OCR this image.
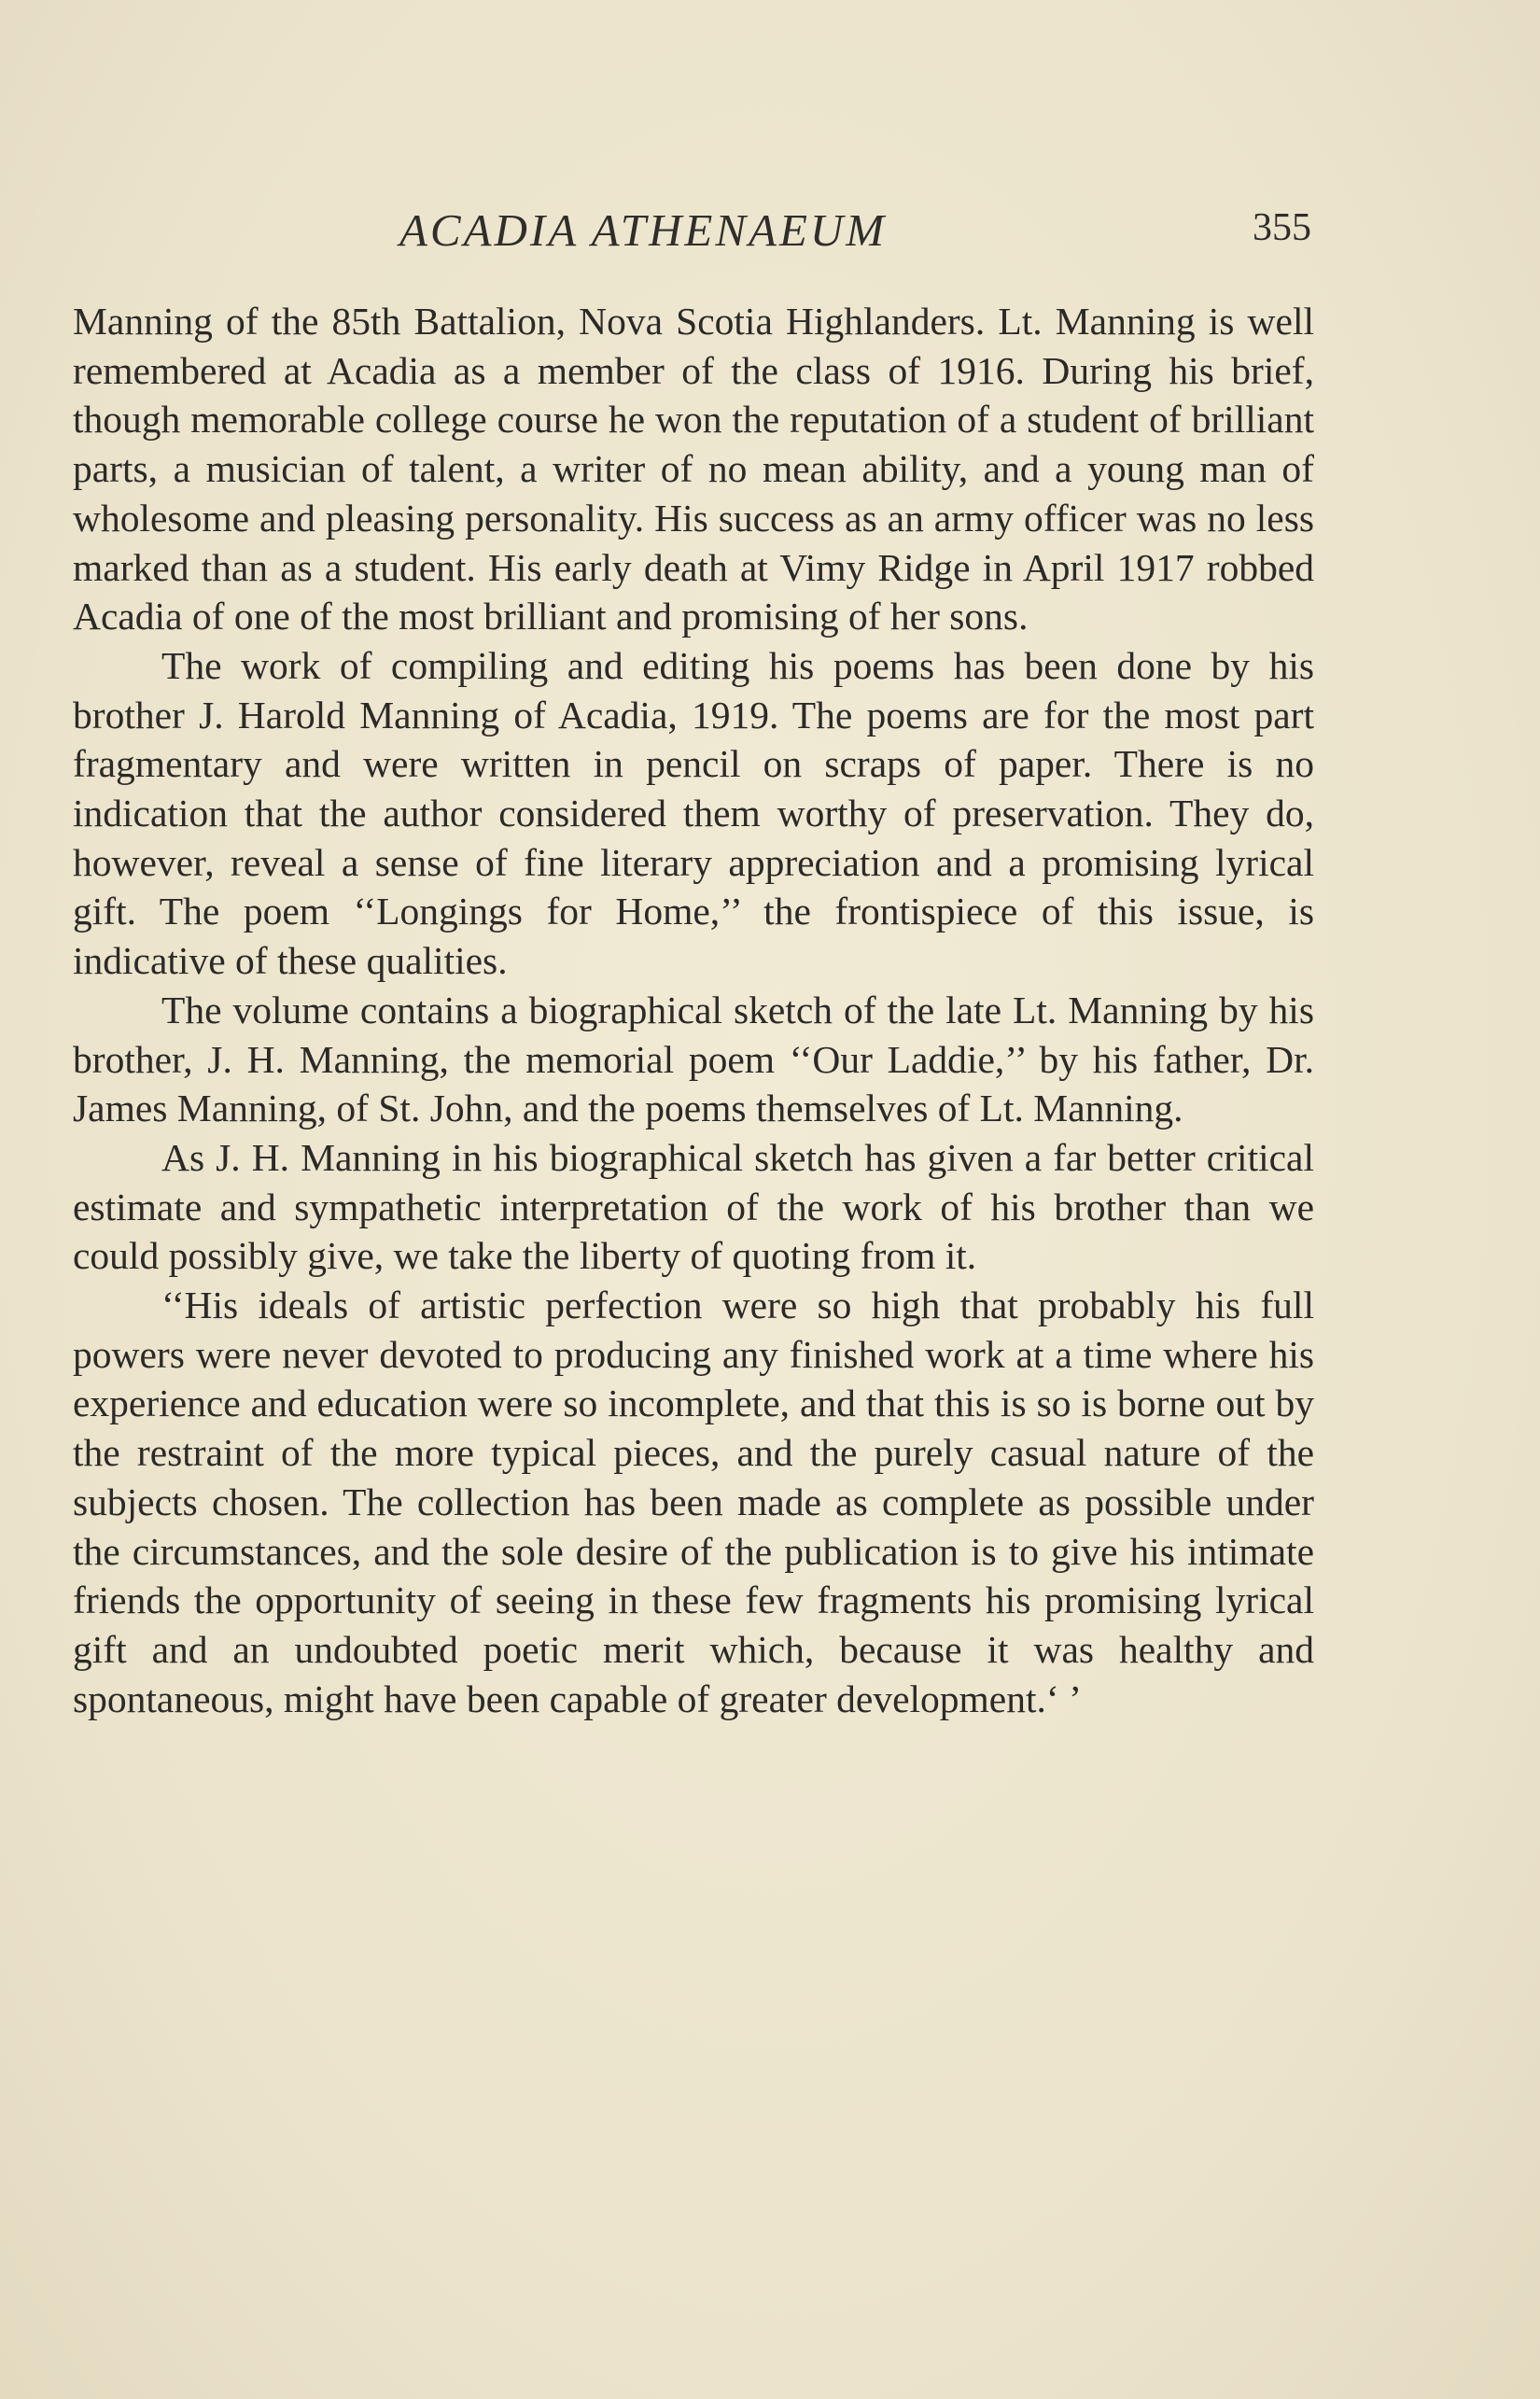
ACADIA ATHENAEUM	355

Manning of the 85th Battalion, Nova Scotia Highlanders. Lt. Manning is well remembered at Acadia as a member of the class of 1916. During his brief, though memorable college course he won the reputation of a student of brilliant parts, a musician of talent, a writer of no mean ability, and a young man of wholesome and pleasing personality. His success as an army officer was no less marked than as a student. His early death at Vimy Ridge in April 1917 robbed Acadia of one of the most brilliant and promising of her sons.

The work of compiling and editing his poems has been done by his brother J. Harold Manning of Acadia, 1919. The poems are for the most part fragmentary and were written in pencil on scraps of paper. There is no indication that the author considered them worthy of preservation. They do, however, reveal a sense of fine literary appreciation and a promising lyrical gift. The poem ‘‘Longings for Home,’’ the frontispiece of this issue, is indicative of these qualities.

The volume contains a biographical sketch of the late Lt. Manning by his brother, J. H. Manning, the memorial poem ‘‘Our Laddie,’’ by his father, Dr. James Manning, of St. John, and the poems themselves of Lt. Manning.

As J. H. Manning in his biographical sketch has given a far better critical estimate and sympathetic interpretation of the work of his brother than we could possibly give, we take the liberty of quoting from it.

‘‘His ideals of artistic perfection were so high that probably his full powers were never devoted to producing any finished work at a time where his experience and education were so incomplete, and that this is so is borne out by the restraint of the more typical pieces, and the purely casual nature of the subjects chosen. The collection has been made as complete as possible under the circumstances, and the sole desire of the publication is to give his intimate friends the opportunity of seeing in these few fragments his promising lyrical gift and an undoubted poetic merit which, because it was healthy and spontaneous, might have been capable of greater development.‘ ’
